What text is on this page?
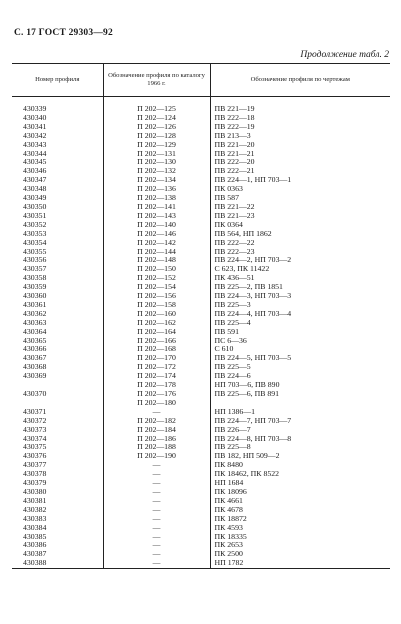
С. 17 ГОСТ 29303—92
Продолжение табл. 2
Номер профиля	Обозначение профиля по каталогу 1966 г.	Обозначение профиля по чертежам

430339	П 202—125	ПВ 221—19
430340	П 202—124	ПВ 222—18
430341	П 202—126	ПВ 222—19
430342	П 202—128	ПВ 213—3
430343	П 202—129	ПВ 221—20
430344	П 202—131	ПВ 221—21
430345	П 202—130	ПВ 222—20
430346	П 202—132	ПВ 222—21
430347	П 202—134	ПВ 224—1, НП 703—1
430348	П 202—136	ПК 0363
430349	П 202—138	ПВ 587
430350	П 202—141	ПВ 221—22
430351	П 202—143	ПВ 221—23
430352	П 202—140	ПК 0364
430353	П 202—146	ПВ 564, НП 1862
430354	П 202—142	ПВ 222—22
430355	П 202—144	ПВ 222—23
430356	П 202—148	ПВ 224—2, НП 703—2
430357	П 202—150	С 623, ПК 11422
430358	П 202—152	ПК 436—51
430359	П 202—154	ПВ 225—2, ПВ 1851
430360	П 202—156	ПВ 224—3, НП 703—3
430361	П 202—158	ПВ 225—3
430362	П 202—160	ПВ 224—4, НП 703—4
430363	П 202—162	ПВ 225—4
430364	П 202—164	ПВ 591
430365	П 202—166	ПС 6—36
430366	П 202—168	С 610
430367	П 202—170	ПВ 224—5, НП 703—5
430368	П 202—172	ПВ 225—5
430369	П 202—174	ПВ 224—6
	П 202—178	НП 703—6, ПВ 890
430370	П 202—176	ПВ 225—6, ПВ 891
	П 202—180	
430371	—	НП 1386—1
430372	П 202—182	ПВ 224—7, НП 703—7
430373	П 202—184	ПВ 226—7
430374	П 202—186	ПВ 224—8, НП 703—8
430375	П 202—188	ПВ 225—8
430376	П 202—190	ПВ 182, НП 509—2
430377	—	ПК 8480
430378	—	ПК 18462, ПК 8522
430379	—	НП 1684
430380	—	ПК 18096
430381	—	ПК 4661
430382	—	ПК 4678
430383	—	ПК 18872
430384	—	ПК 4593
430385	—	ПК 18335
430386	—	ПК 2653
430387	—	ПК 2500
430388	—	НП 1782
